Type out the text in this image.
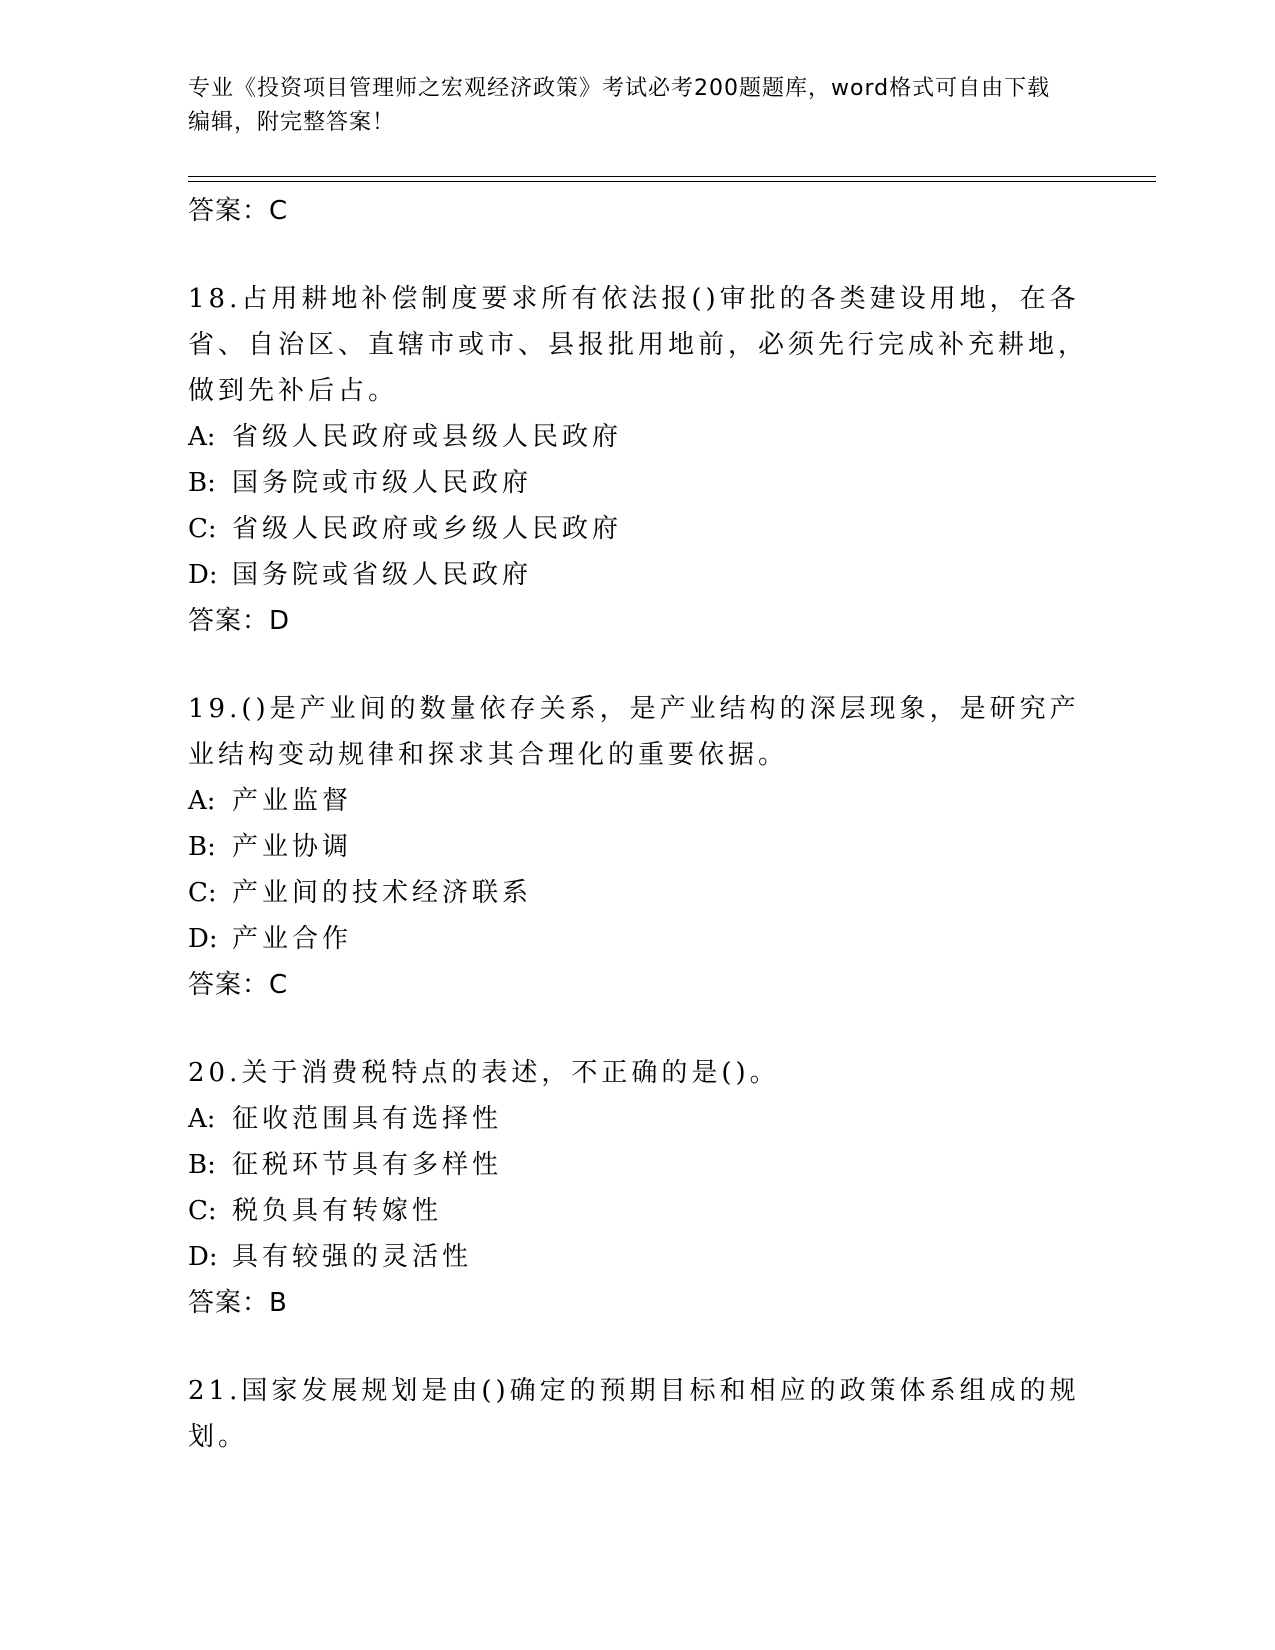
专业《投资项目管理师之宏观经济政策》考试必考200题题库，word格式可自由下载编辑，附完整答案！
答案：C
18.占用耕地补偿制度要求所有依法报()审批的各类建设用地，在各省、自治区、直辖市或市、县报批用地前，必须先行完成补充耕地，做到先补后占。
A: 省级人民政府或县级人民政府
B: 国务院或市级人民政府
C: 省级人民政府或乡级人民政府
D: 国务院或省级人民政府
答案：D
19.()是产业间的数量依存关系，是产业结构的深层现象，是研究产业结构变动规律和探求其合理化的重要依据。
A: 产业监督
B: 产业协调
C: 产业间的技术经济联系
D: 产业合作
答案：C
20.关于消费税特点的表述，不正确的是()。
A: 征收范围具有选择性
B: 征税环节具有多样性
C: 税负具有转嫁性
D: 具有较强的灵活性
答案：B
21.国家发展规划是由()确定的预期目标和相应的政策体系组成的规划。
